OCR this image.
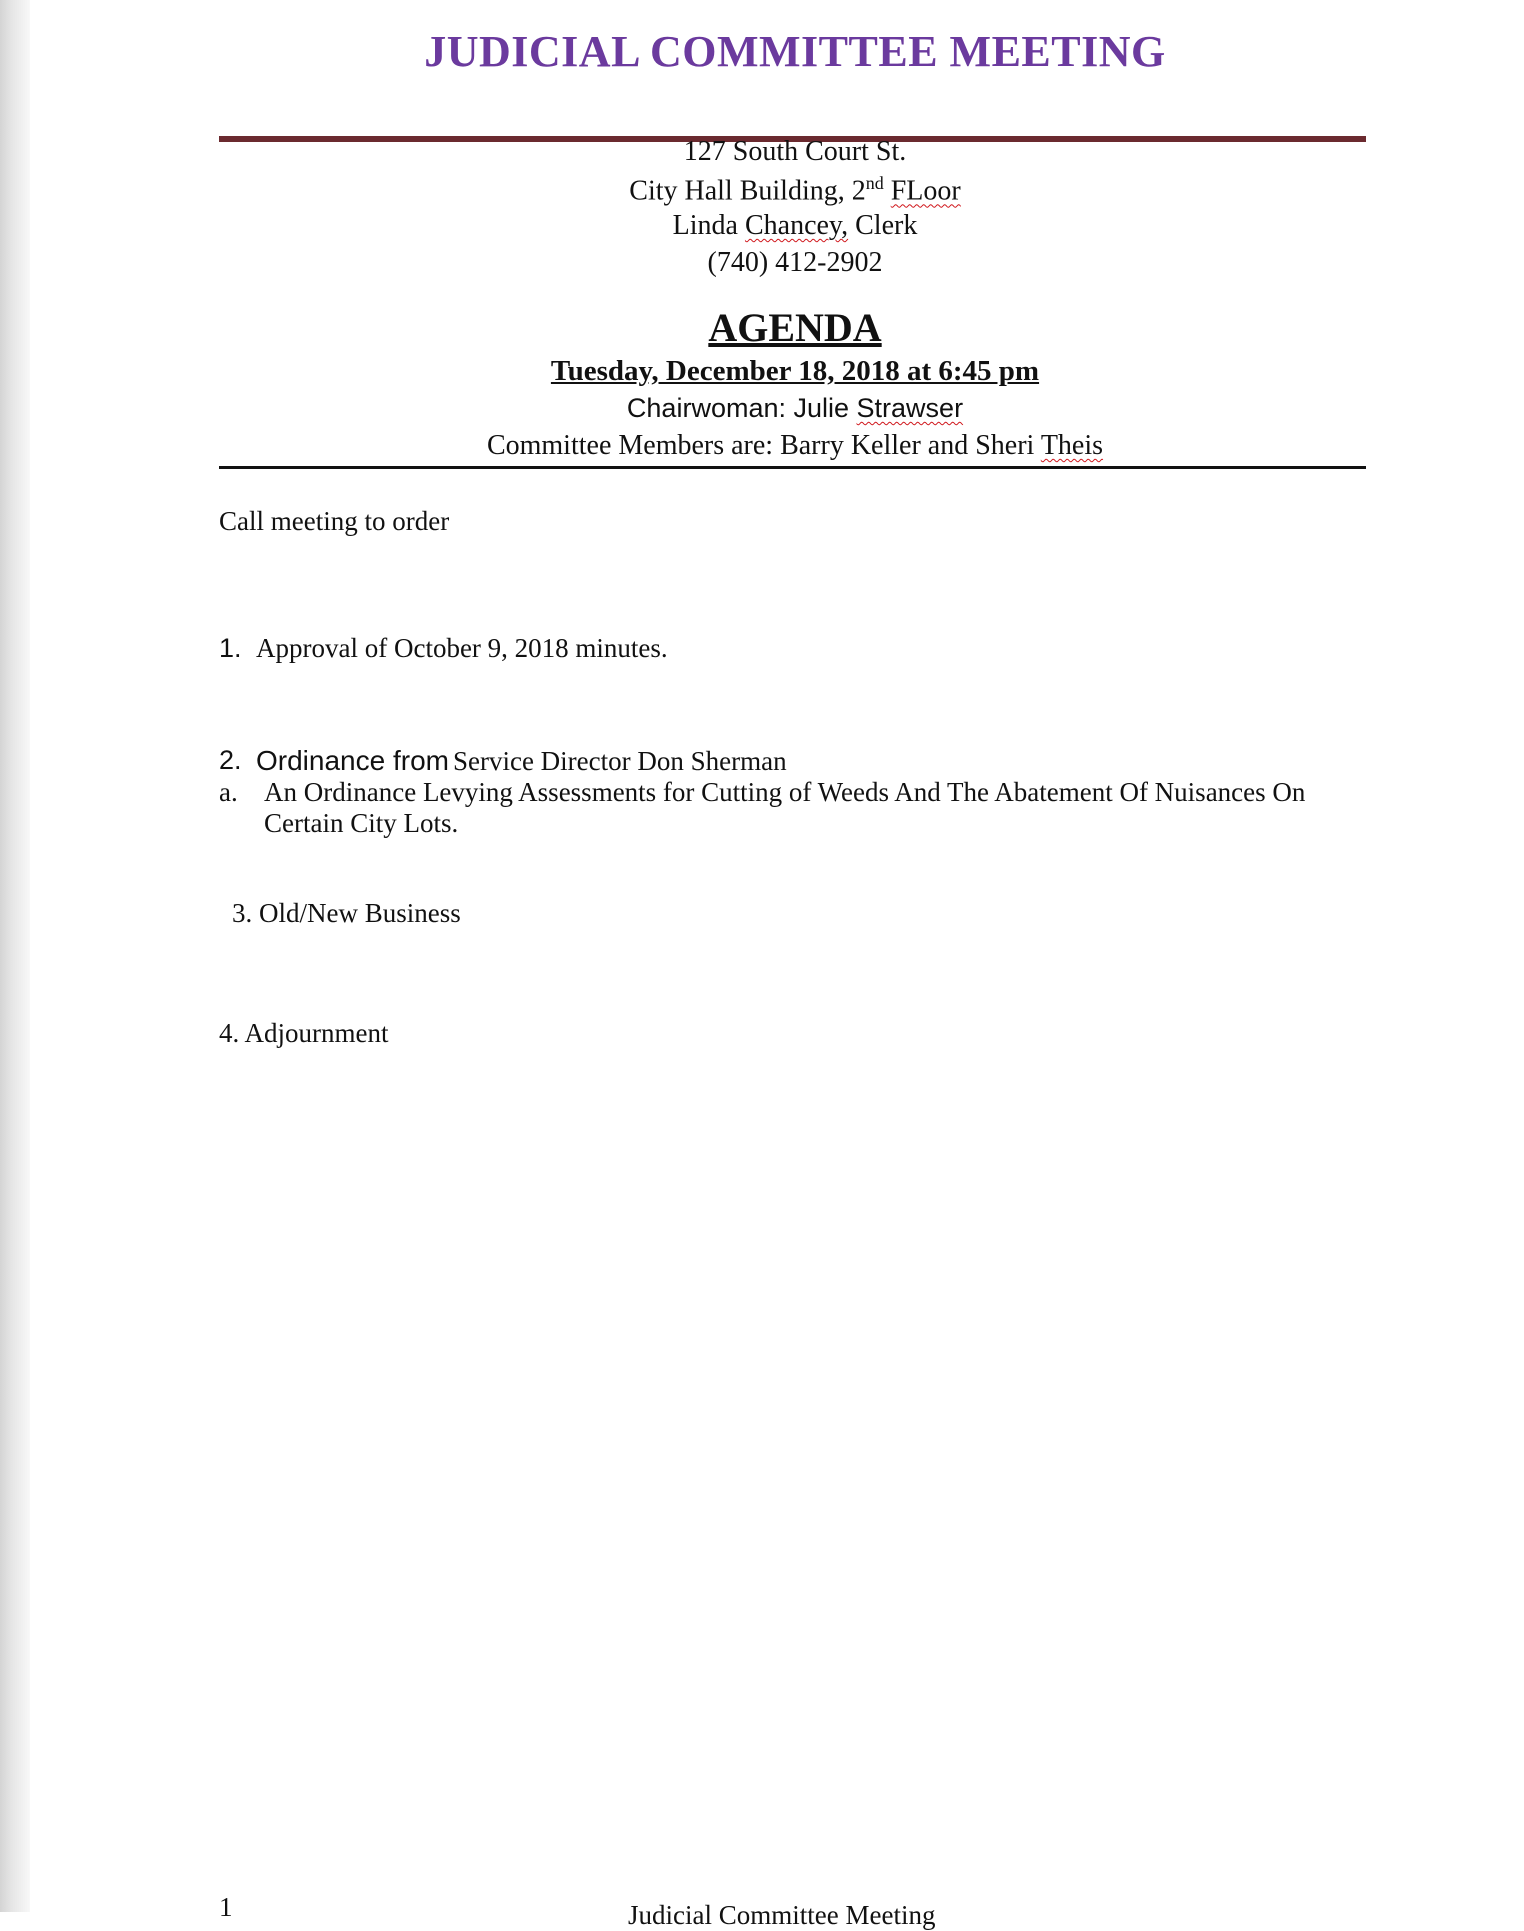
JUDICIAL COMMITTEE MEETING
127 South Court St.
City Hall Building, 2nd FLoor
Linda Chancey, Clerk
(740) 412-2902
AGENDA
Tuesday, December 18, 2018 at 6:45 pm
Chairwoman: Julie Strawser
Committee Members are: Barry Keller and Sheri Theis
Call meeting to order
1. Approval of October 9, 2018 minutes.
2. Ordinance from Service Director Don Sherman
a. An Ordinance Levying Assessments for Cutting of Weeds And The Abatement Of Nuisances On
Certain City Lots.
3. Old/New Business
4. Adjournment
1	Judicial Committee Meeting
